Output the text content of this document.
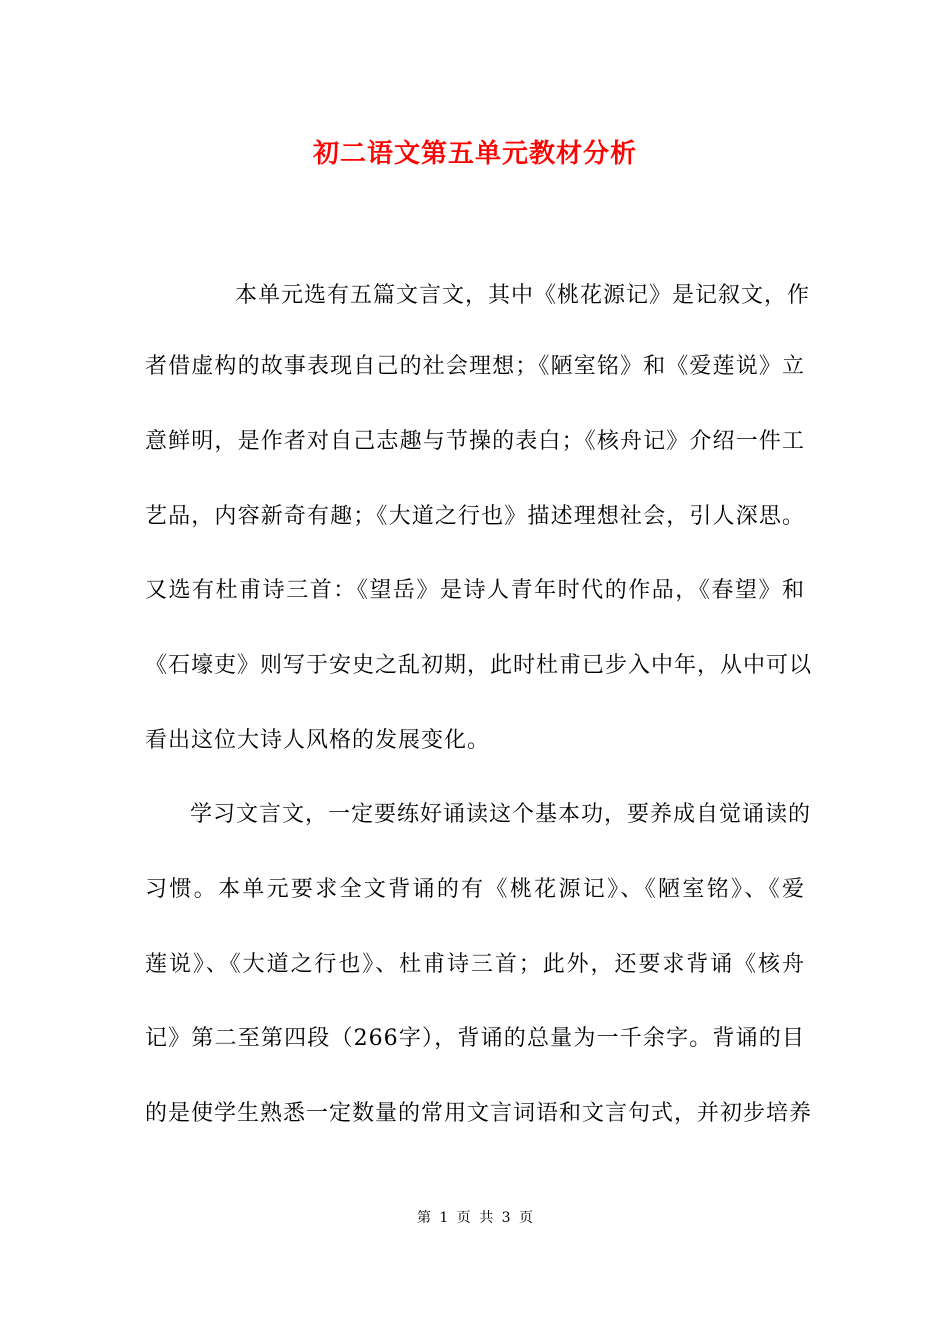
初二语文第五单元教材分析
本单元选有五篇文言文，其中《桃花源记》是记叙文，作
者借虚构的故事表现自己的社会理想；《陋室铭》和《爱莲说》立
意鲜明，是作者对自己志趣与节操的表白；《核舟记》介绍一件工
艺品，内容新奇有趣；《大道之行也》描述理想社会，引人深思。
又选有杜甫诗三首：《望岳》是诗人青年时代的作品，《春望》和
《石壕吏》则写于安史之乱初期，此时杜甫已步入中年，从中可以
看出这位大诗人风格的发展变化。
学习文言文，一定要练好诵读这个基本功，要养成自觉诵读的
习惯。本单元要求全文背诵的有《桃花源记》、《陋室铭》、《爱
莲说》、《大道之行也》、杜甫诗三首；此外，还要求背诵《核舟
记》第二至第四段（266字），背诵的总量为一千余字。背诵的目
的是使学生熟悉一定数量的常用文言词语和文言句式，并初步培养
第 1 页 共 3 页
